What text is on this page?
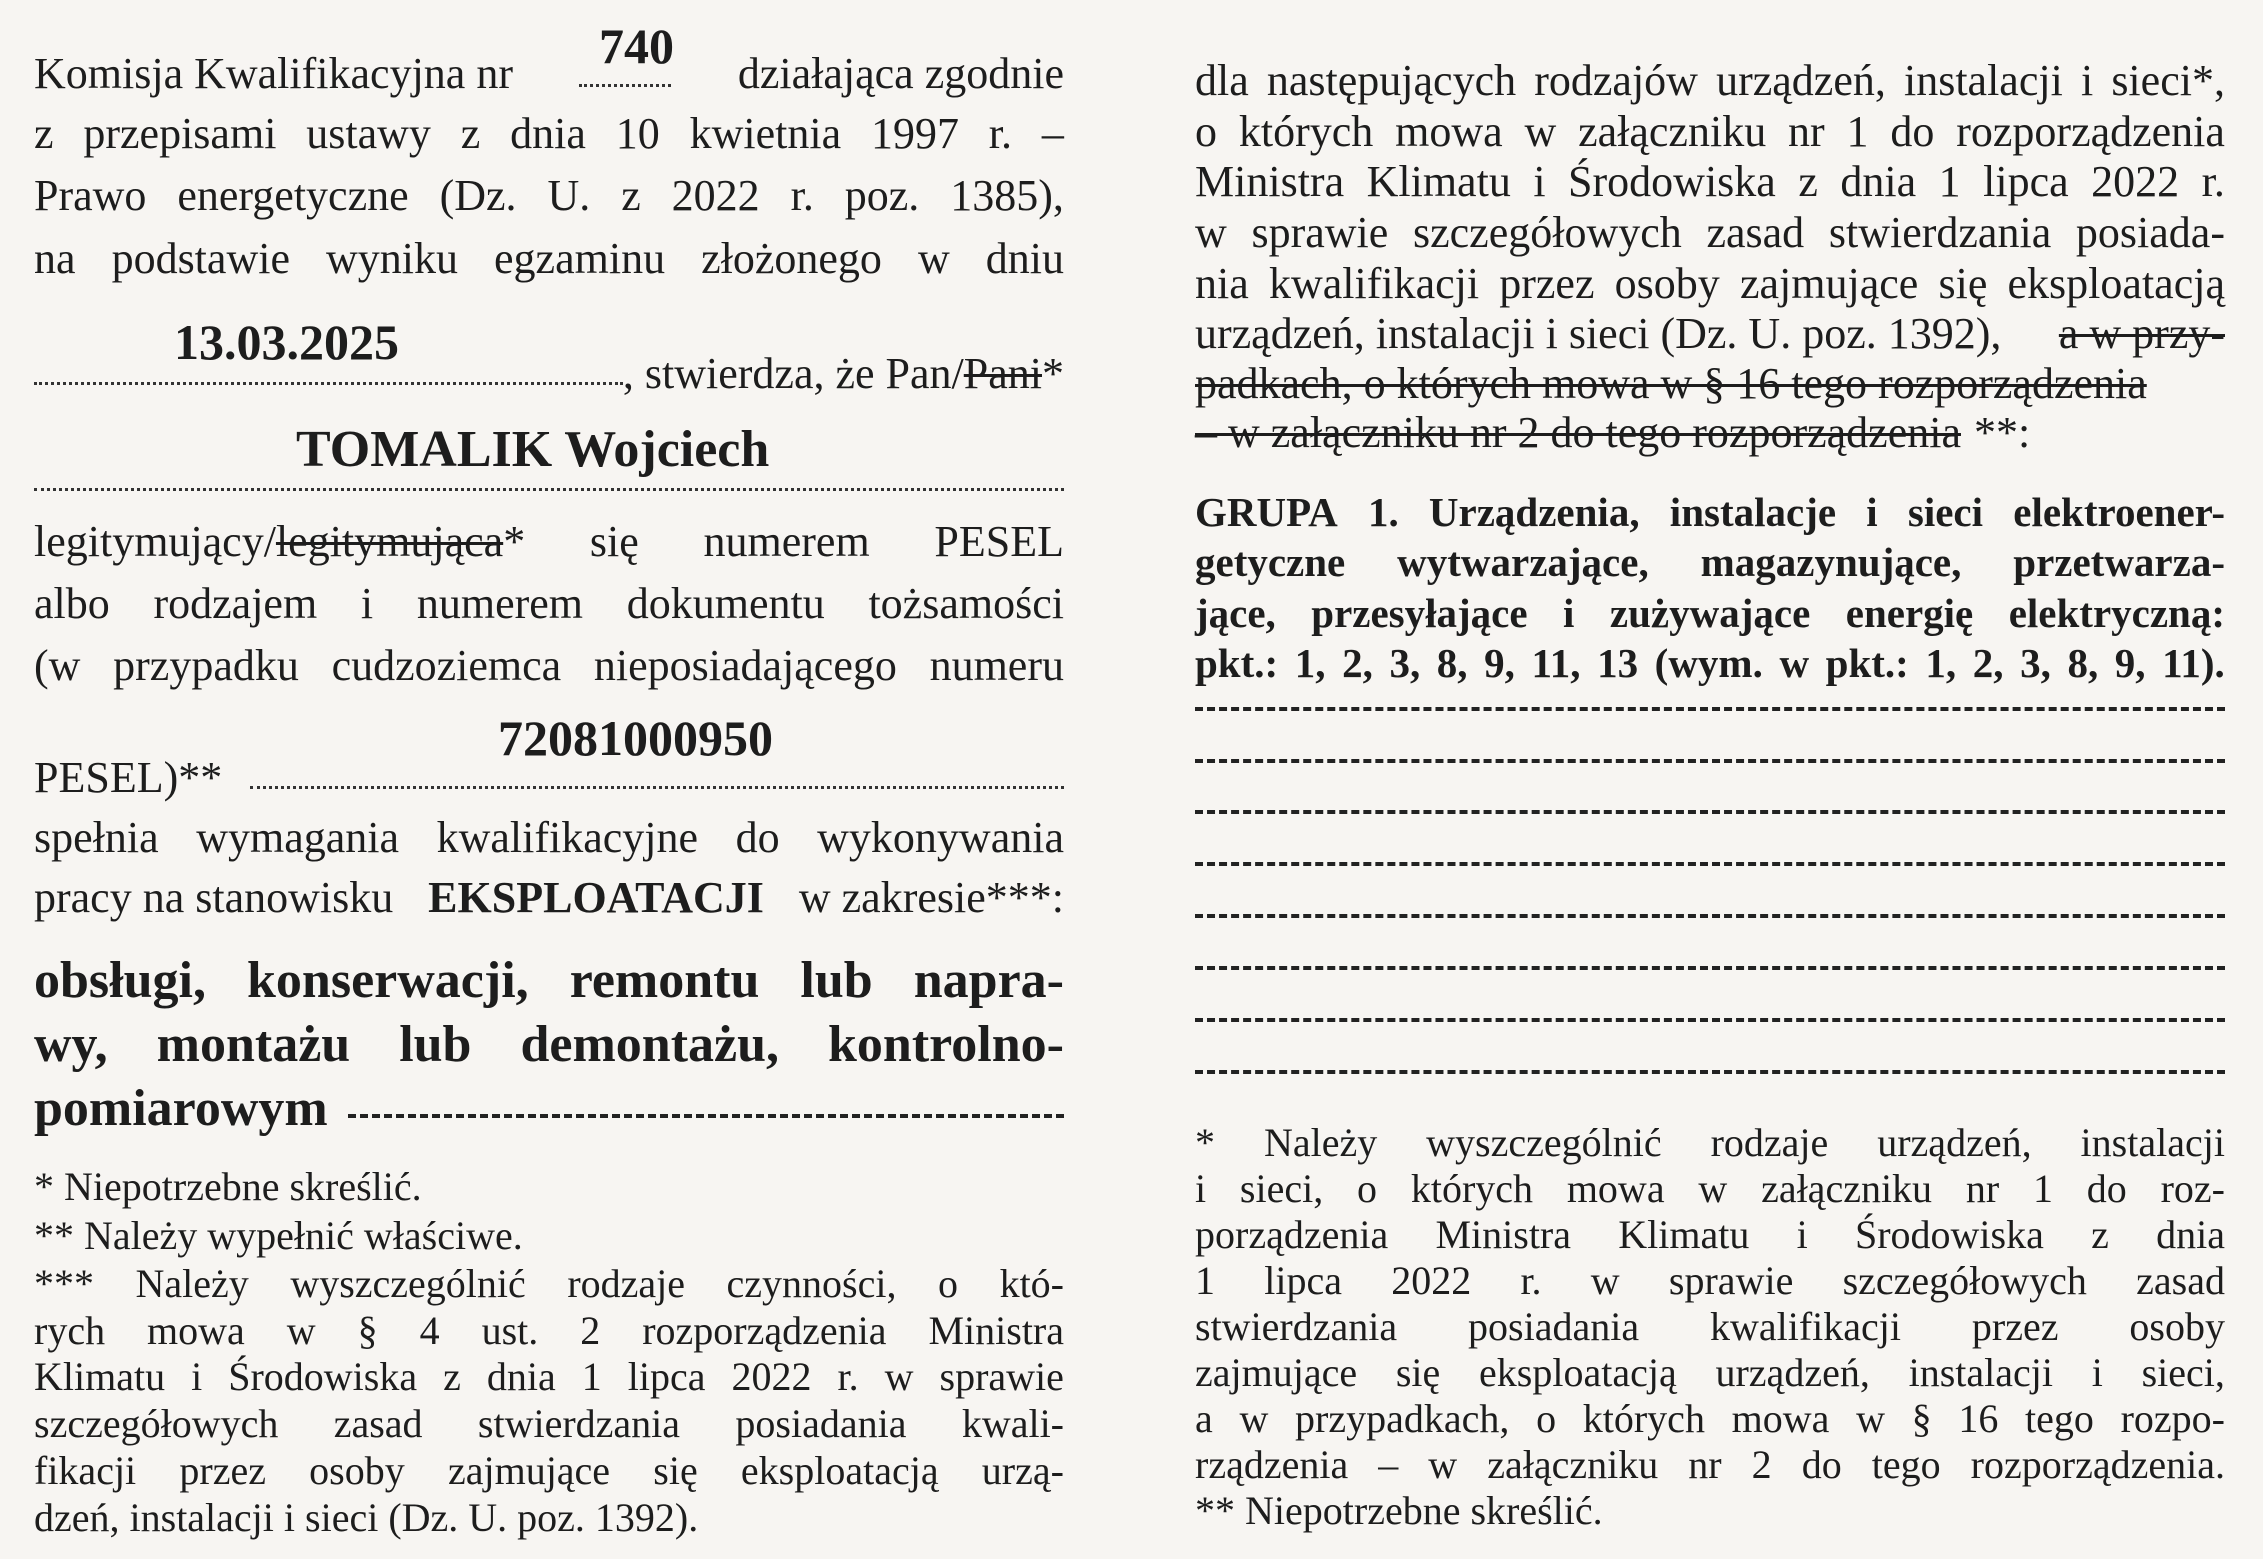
740
Komisja Kwalifikacyjna nr	działająca zgodnie
z przepisami ustawy z dnia 10 kwietnia 1997 r. –
Prawo energetyczne (Dz. U. z 2022 r. poz. 1385),
na podstawie wyniku egzaminu złożonego w dniu
13.03.2025
, stwierdza, że Pan/Pani*
TOMALIK Wojciech
legitymujący/legitymująca* się numerem PESEL
albo rodzajem i numerem dokumentu tożsamości
(w przypadku cudzoziemca nieposiadającego numeru
72081000950
PESEL)**
spełnia wymagania kwalifikacyjne do wykonywania
pracy na stanowisku EKSPLOATACJI w zakresie***:
obsługi, konserwacji, remontu lub napra-
wy, montażu lub demontażu, kontrolno-
pomiarowym
* Niepotrzebne skreślić.
** Należy wypełnić właściwe.
*** Należy wyszczególnić rodzaje czynności, o któ-
rych mowa w § 4 ust. 2 rozporządzenia Ministra
Klimatu i Środowiska z dnia 1 lipca 2022 r. w sprawie
szczegółowych zasad stwierdzania posiadania kwali-
fikacji przez osoby zajmujące się eksploatacją urzą-
dzeń, instalacji i sieci (Dz. U. poz. 1392).
dla następujących rodzajów urządzeń, instalacji i sieci*,
o których mowa w załączniku nr 1 do rozporządzenia
Ministra Klimatu i Środowiska z dnia 1 lipca 2022 r.
w sprawie szczegółowych zasad stwierdzania posiada-
nia kwalifikacji przez osoby zajmujące się eksploatacją
urządzeń, instalacji i sieci (Dz. U. poz. 1392), a w przy-
padkach, o których mowa w § 16 tego rozporządzenia
– w załączniku nr 2 do tego rozporządzenia **:
GRUPA 1. Urządzenia, instalacje i sieci elektroener-
getyczne wytwarzające, magazynujące, przetwarza-
jące, przesyłające i zużywające energię elektryczną:
pkt.: 1, 2, 3, 8, 9, 11, 13 (wym. w pkt.: 1, 2, 3, 8, 9, 11).
* Należy wyszczególnić rodzaje urządzeń, instalacji
i sieci, o których mowa w załączniku nr 1 do roz-
porządzenia Ministra Klimatu i Środowiska z dnia
1 lipca 2022 r. w sprawie szczegółowych zasad
stwierdzania posiadania kwalifikacji przez osoby
zajmujące się eksploatacją urządzeń, instalacji i sieci,
a w przypadkach, o których mowa w § 16 tego rozpo-
rządzenia – w załączniku nr 2 do tego rozporządzenia.
** Niepotrzebne skreślić.
